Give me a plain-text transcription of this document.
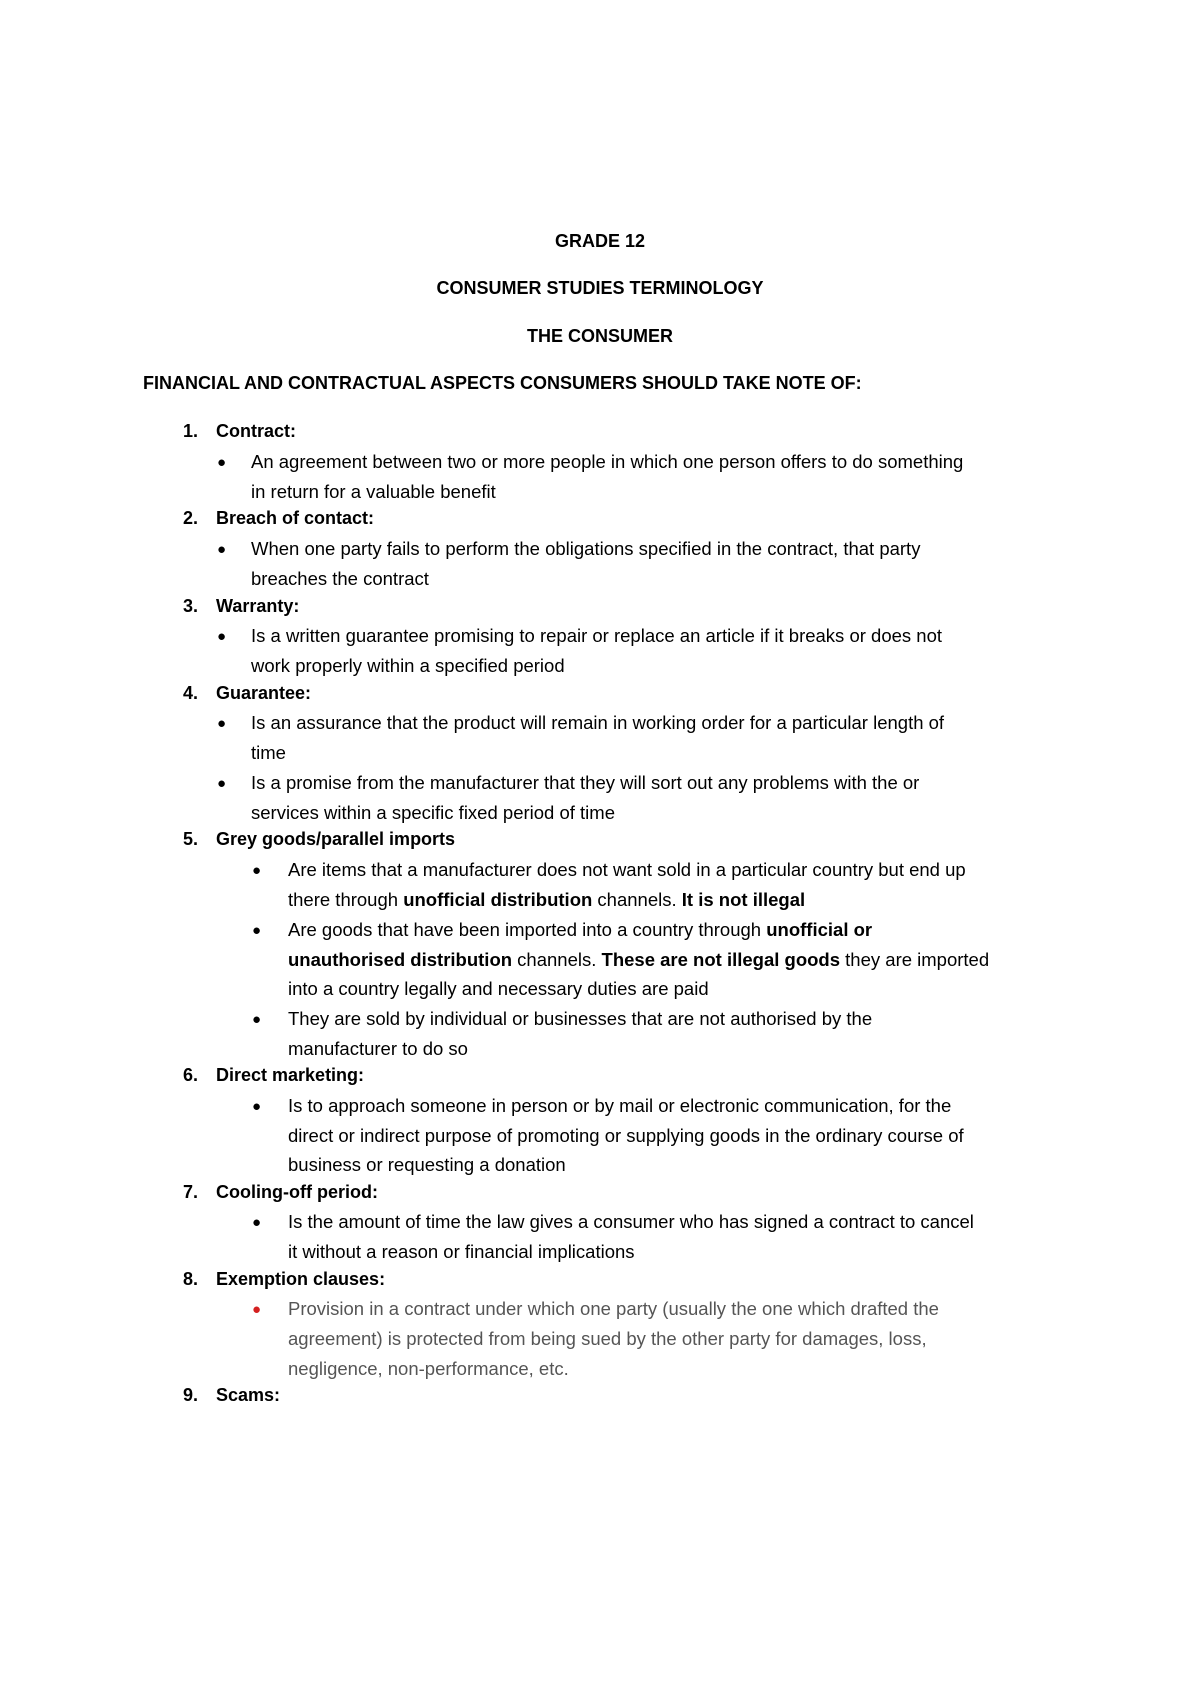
GRADE 12
CONSUMER STUDIES TERMINOLOGY
THE CONSUMER
FINANCIAL AND CONTRACTUAL ASPECTS CONSUMERS SHOULD TAKE NOTE OF:
1. Contract:
● An agreement between two or more people in which one person offers to do something
in return for a valuable benefit
2. Breach of contact:
● When one party fails to perform the obligations specified in the contract, that party
breaches the contract
3. Warranty:
● Is a written guarantee promising to repair or replace an article if it breaks or does not
work properly within a specified period
4. Guarantee:
● Is an assurance that the product will remain in working order for a particular length of
time
● Is a promise from the manufacturer that they will sort out any problems with the or
services within a specific fixed period of time
5. Grey goods/parallel imports
● Are items that a manufacturer does not want sold in a particular country but end up
there through unofficial distribution channels. It is not illegal
● Are goods that have been imported into a country through unofficial or
unauthorised distribution channels. These are not illegal goods they are imported
into a country legally and necessary duties are paid
● They are sold by individual or businesses that are not authorised by the
manufacturer to do so
6. Direct marketing:
● Is to approach someone in person or by mail or electronic communication, for the
direct or indirect purpose of promoting or supplying goods in the ordinary course of
business or requesting a donation
7. Cooling-off period:
● Is the amount of time the law gives a consumer who has signed a contract to cancel
it without a reason or financial implications
8. Exemption clauses:
● Provision in a contract under which one party (usually the one which drafted the
agreement) is protected from being sued by the other party for damages, loss,
negligence, non-performance, etc.
9. Scams:
